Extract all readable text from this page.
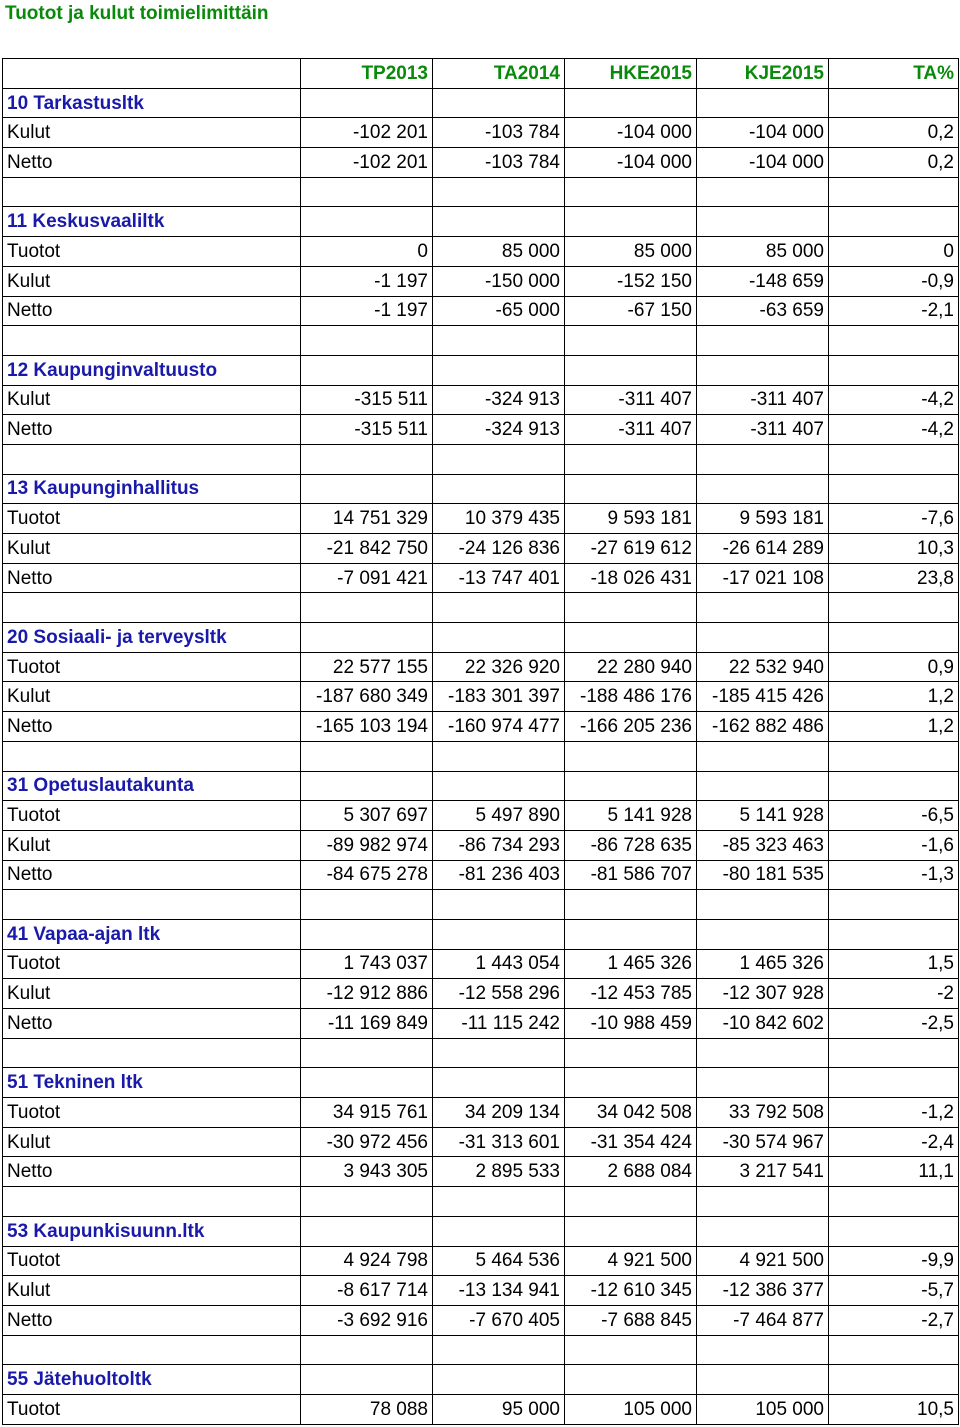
Tuotot ja kulut toimielimittäin
	TP2013	TA2014	HKE2015	KJE2015	TA%
10 Tarkastusltk					
Kulut	-102 201	-103 784	-104 000	-104 000	0,2
Netto	-102 201	-103 784	-104 000	-104 000	0,2

11 Keskusvaaliltk					
Tuotot	0	85 000	85 000	85 000	0
Kulut	-1 197	-150 000	-152 150	-148 659	-0,9
Netto	-1 197	-65 000	-67 150	-63 659	-2,1

12 Kaupunginvaltuusto					
Kulut	-315 511	-324 913	-311 407	-311 407	-4,2
Netto	-315 511	-324 913	-311 407	-311 407	-4,2

13 Kaupunginhallitus					
Tuotot	14 751 329	10 379 435	9 593 181	9 593 181	-7,6
Kulut	-21 842 750	-24 126 836	-27 619 612	-26 614 289	10,3
Netto	-7 091 421	-13 747 401	-18 026 431	-17 021 108	23,8

20 Sosiaali- ja terveysltk					
Tuotot	22 577 155	22 326 920	22 280 940	22 532 940	0,9
Kulut	-187 680 349	-183 301 397	-188 486 176	-185 415 426	1,2
Netto	-165 103 194	-160 974 477	-166 205 236	-162 882 486	1,2

31 Opetuslautakunta					
Tuotot	5 307 697	5 497 890	5 141 928	5 141 928	-6,5
Kulut	-89 982 974	-86 734 293	-86 728 635	-85 323 463	-1,6
Netto	-84 675 278	-81 236 403	-81 586 707	-80 181 535	-1,3

41 Vapaa-ajan ltk					
Tuotot	1 743 037	1 443 054	1 465 326	1 465 326	1,5
Kulut	-12 912 886	-12 558 296	-12 453 785	-12 307 928	-2
Netto	-11 169 849	-11 115 242	-10 988 459	-10 842 602	-2,5

51 Tekninen ltk					
Tuotot	34 915 761	34 209 134	34 042 508	33 792 508	-1,2
Kulut	-30 972 456	-31 313 601	-31 354 424	-30 574 967	-2,4
Netto	3 943 305	2 895 533	2 688 084	3 217 541	11,1

53 Kaupunkisuunn.ltk					
Tuotot	4 924 798	5 464 536	4 921 500	4 921 500	-9,9
Kulut	-8 617 714	-13 134 941	-12 610 345	-12 386 377	-5,7
Netto	-3 692 916	-7 670 405	-7 688 845	-7 464 877	-2,7

55 Jätehuoltoltk					
Tuotot	78 088	95 000	105 000	105 000	10,5
